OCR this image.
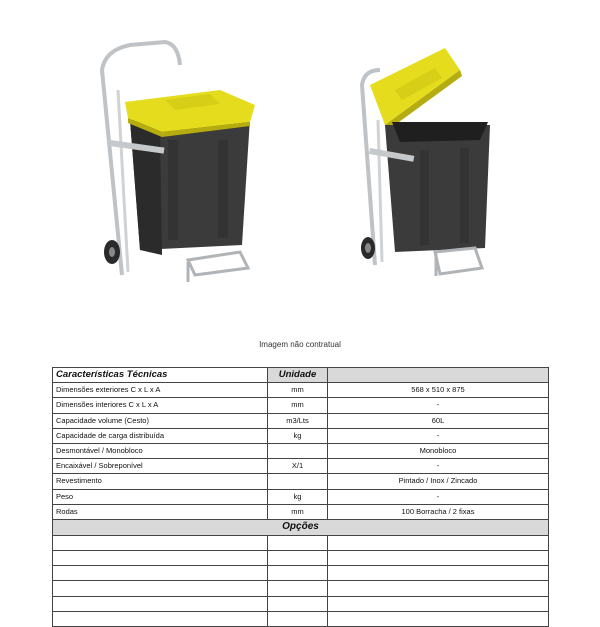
Imagem não contratual
Características Técnicas	Unidade	
Dimensões exteriores C x L x A	mm	568 x 510 x 875
Dimensões interiores C x L x A	mm	-
Capacidade volume (Cesto)	m3/Lts	60L
Capacidade de carga distribuída	kg	-
Desmontável / Monobloco		Monobloco
Encaixável / Sobreponível	X/1	-
Revestimento		Pintado / Inox / Zincado
Peso	kg	-
Rodas	mm	100 Borracha / 2 fixas
Opções		
